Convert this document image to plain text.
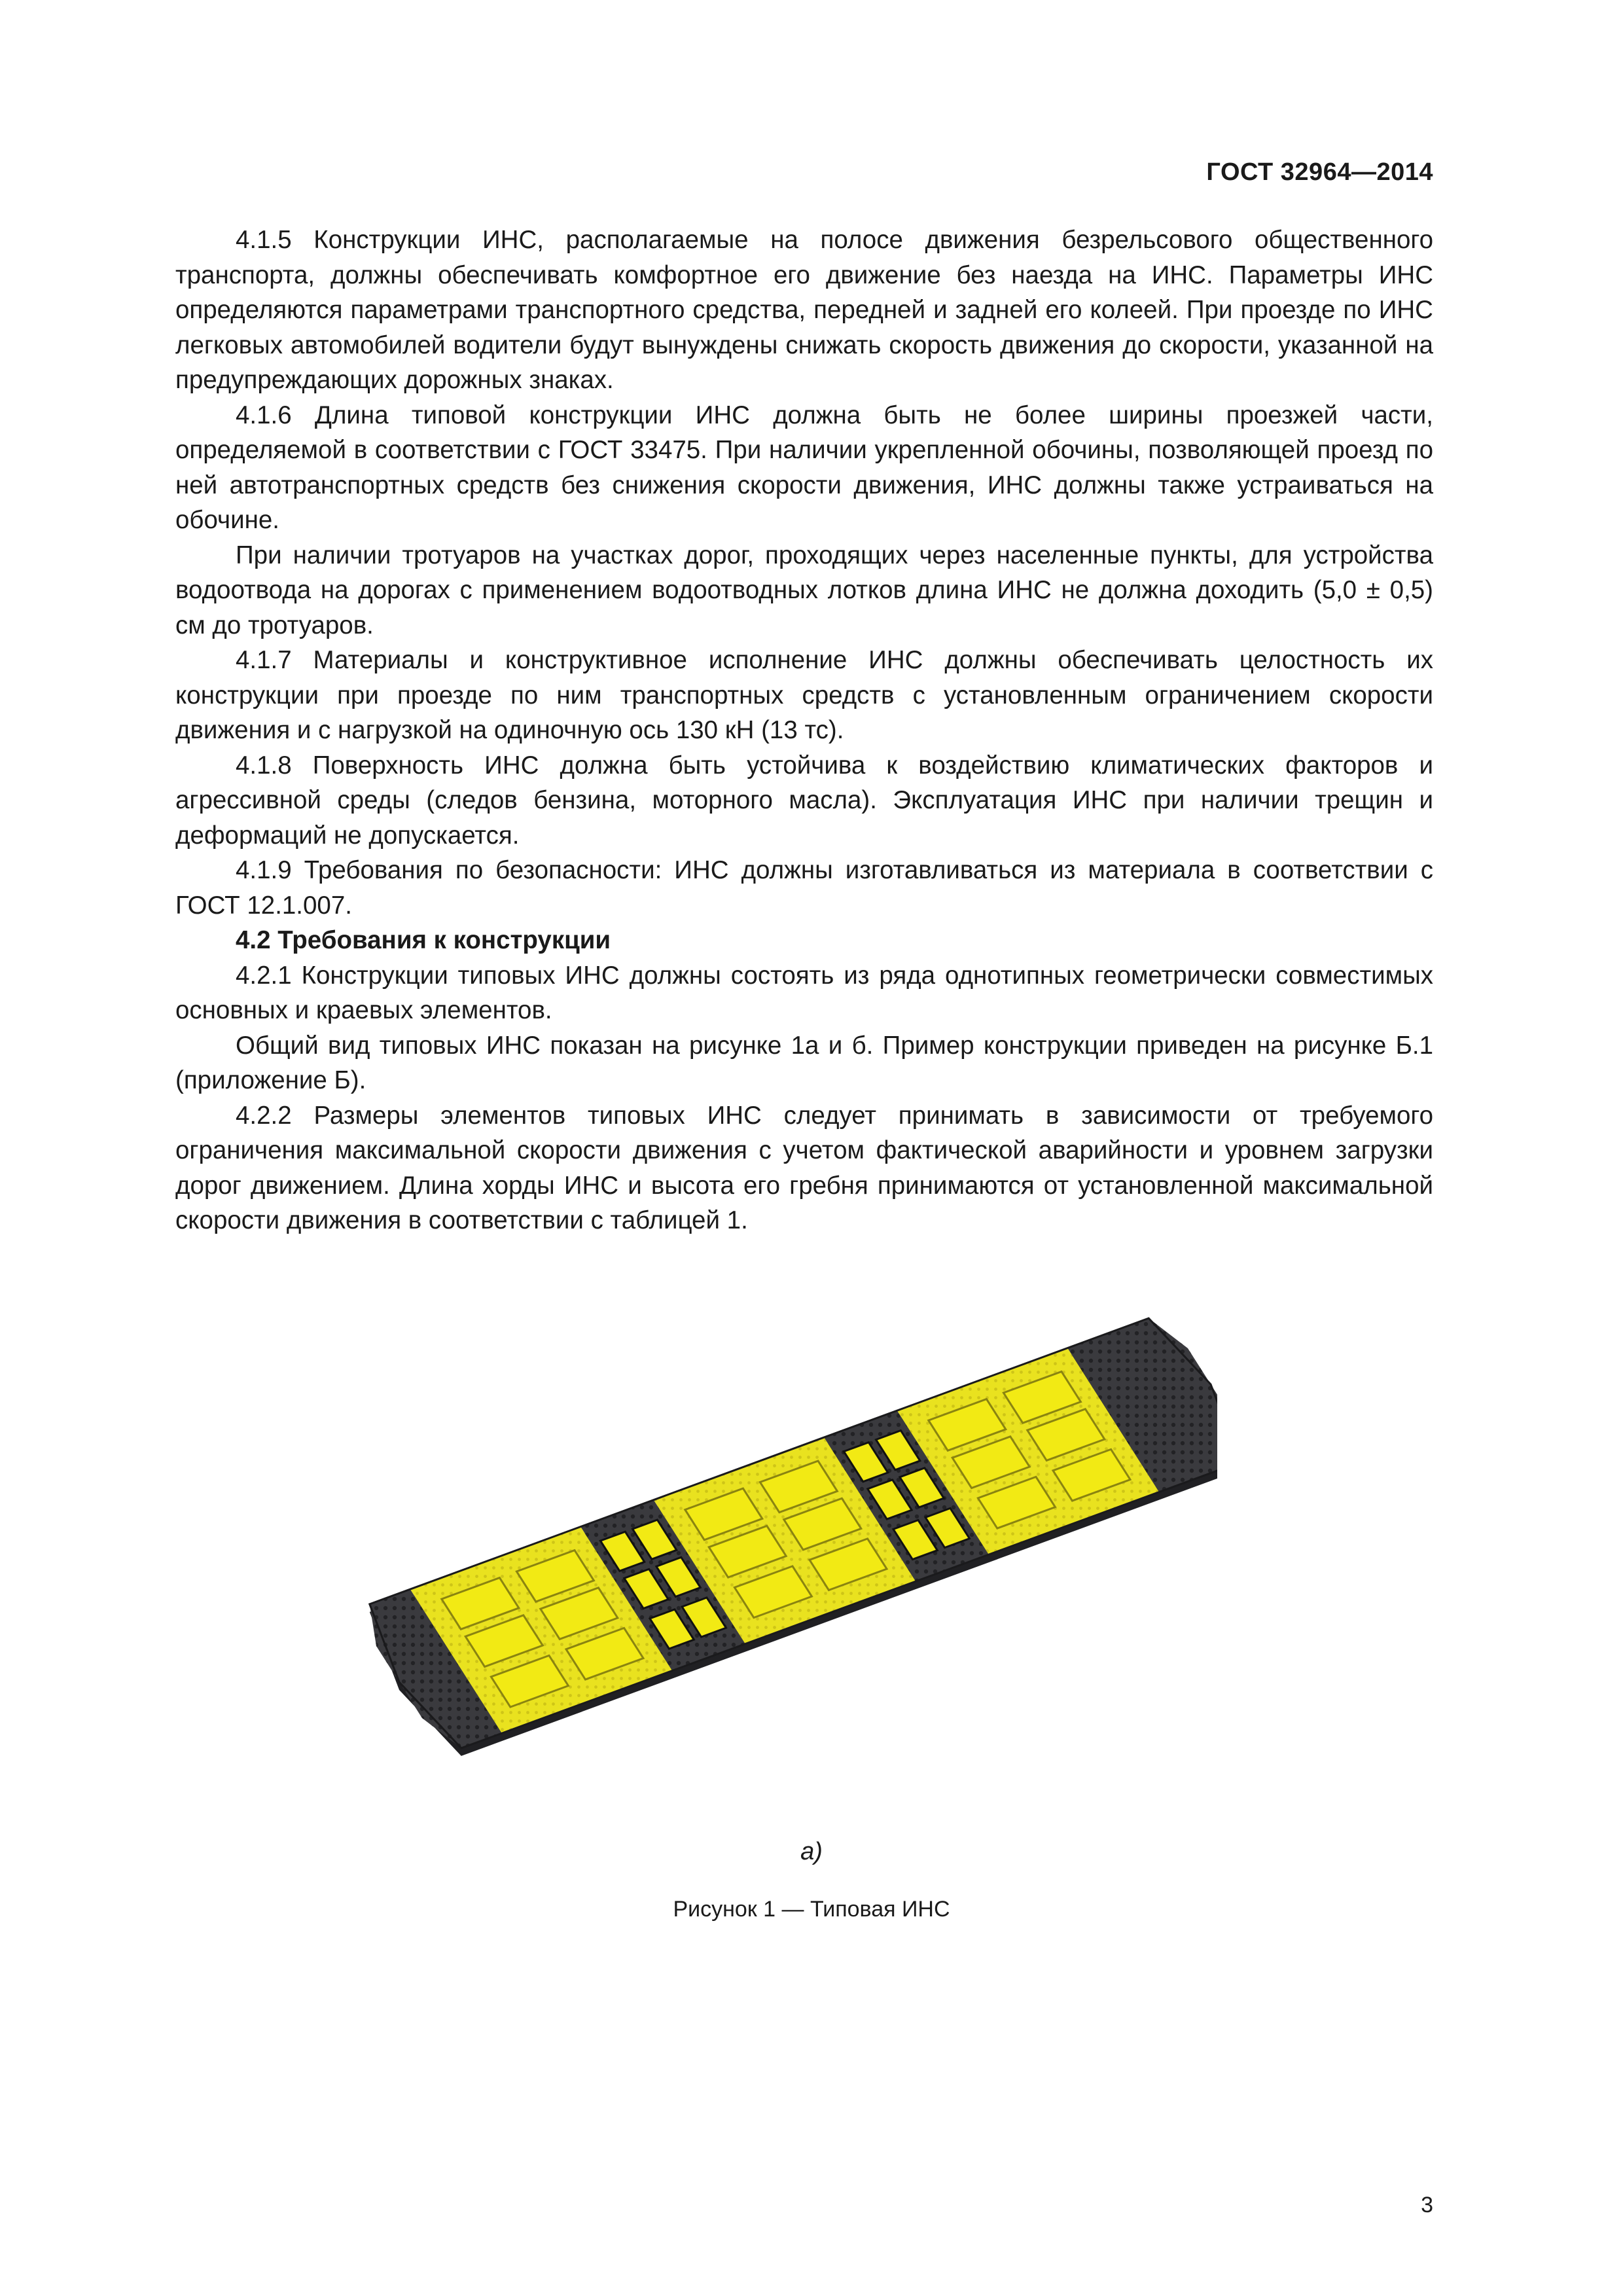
ГОСТ 32964—2014

4.1.5 Конструкции ИНС, располагаемые на полосе движения безрельсового общественного транспорта, должны обеспечивать комфортное его движение без наезда на ИНС. Параметры ИНС определяются параметрами транспортного средства, передней и задней его колеей. При проезде по ИНС легковых автомобилей водители будут вынуждены снижать скорость движения до скорости, указанной на предупреждающих дорожных знаках.

4.1.6 Длина типовой конструкции ИНС должна быть не более ширины проезжей части, определяемой в соответствии с ГОСТ 33475. При наличии укрепленной обочины, позволяющей проезд по ней автотранспортных средств без снижения скорости движения, ИНС должны также устраиваться на обочине.

При наличии тротуаров на участках дорог, проходящих через населенные пункты, для устройства водоотвода на дорогах с применением водоотводных лотков длина ИНС не должна доходить (5,0 ± 0,5) см до тротуаров.

4.1.7 Материалы и конструктивное исполнение ИНС должны обеспечивать целостность их конструкции при проезде по ним транспортных средств с установленным ограничением скорости движения и с нагрузкой на одиночную ось 130 кН (13 тс).

4.1.8 Поверхность ИНС должна быть устойчива к воздействию климатических факторов и агрессивной среды (следов бензина, моторного масла). Эксплуатация ИНС при наличии трещин и деформаций не допускается.

4.1.9 Требования по безопасности: ИНС должны изготавливаться из материала в соответствии с ГОСТ 12.1.007.

4.2 Требования к конструкции

4.2.1 Конструкции типовых ИНС должны состоять из ряда однотипных геометрически совместимых основных и краевых элементов.

Общий вид типовых ИНС показан на рисунке 1а и б. Пример конструкции приведен на рисунке Б.1 (приложение Б).

4.2.2 Размеры элементов типовых ИНС следует принимать в зависимости от требуемого ограничения максимальной скорости движения с учетом фактической аварийности и уровнем загрузки дорог движением. Длина хорды ИНС и высота его гребня принимаются от установленной максимальной скорости движения в соответствии с таблицей 1.

а)
Рисунок 1 — Типовая ИНС
3
